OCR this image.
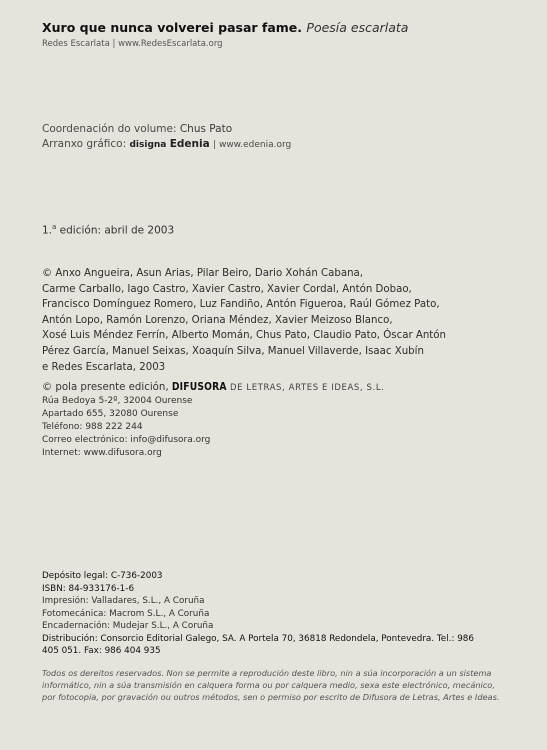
Xuro que nunca volverei pasar fame. Poesía escarlata
Redes Escarlata | www.RedesEscarlata.org
Coordenación do volume: Chus Pato
Arranxo gráfico: disigna Edenia | www.edenia.org
1.$^a$ edición: abril de 2003
© Anxo Angueira, Asun Arias, Pilar Beiro, Dario Xohán Cabana,
Carme Carballo, Iago Castro, Xavier Castro, Xavier Cordal, Antón Dobao,
Francisco Domínguez Romero, Luz Fandiño, Antón Figueroa, Raúl Gómez Pato,
Antón Lopo, Ramón Lorenzo, Oriana Méndez, Xavier Meizoso Blanco,
Xosé Luis Méndez Ferrín, Alberto Momán, Chus Pato, Claudio Pato, Óscar Antón
Pérez García, Manuel Seixas, Xoaquín Silva, Manuel Villaverde, Isaac Xubín
e Redes Escarlata, 2003
© pola presente edición, DIFUSORA DE LETRAS, ARTES E IDEAS, S.L.
Rúa Bedoya 5-2º, 32004 Ourense
Apartado 655, 32080 Ourense
Teléfono: 988 222 244
Correo electrónico: info@difusora.org
Internet: www.difusora.org
Depósito legal: C-736-2003
ISBN: 84-933176-1-6
Impresión: Valladares, S.L., A Coruña
Fotomecánica: Macrom S.L., A Coruña
Encadernación: Mudejar S.L., A Coruña
Distribución: Consorcio Editorial Galego, SA. A Portela 70, 36818 Redondela, Pontevedra. Tel.: 986
405 051. Fax: 986 404 935
Todos os dereitos reservados. Non se permite a reprodución deste libro, nin a súa incorporación a un sistema informático, nin a súa transmisión en calquera forma ou por calquera medio, sexa este electrónico, mecánico, por fotocopia, por gravación ou outros métodos, sen o permiso por escrito de Difusora de Letras, Artes e Ideas.
